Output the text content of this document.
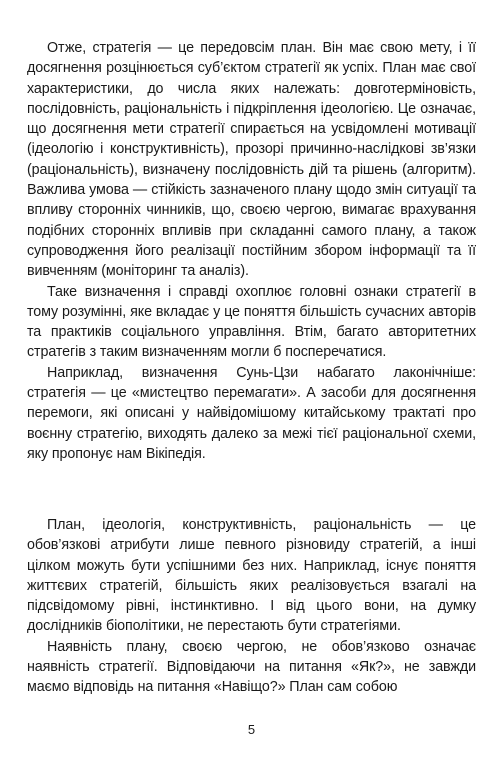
Отже, стратегія — це передовсім план. Він має свою мету, і її досягнення розцінюється суб’єктом стратегії як успіх. План має свої характеристики, до числа яких належать: довготерміновість, послідовність, раціональність і підкріплення ідеологією. Це означає, що досягнення мети стратегії спирається на усвідомлені мотивації (ідеологію і конструктивність), прозорі причинно-наслідкові зв’язки (раціональність), визначену послідовність дій та рішень (алгоритм). Важлива умова — стійкість зазначеного плану щодо змін ситуації та впливу сторонніх чинників, що, своєю чергою, вимагає врахування подібних сторонніх впливів при складанні самого плану, а також супроводження його реалізації постійним збором інформації та її вивченням (моніторинг та аналіз).

Таке визначення і справді охоплює головні ознаки стратегії в тому розумінні, яке вкладає у це поняття більшість сучасних авторів та практиків соціального управління. Втім, багато авторитетних стратегів з таким визначенням могли б посперечатися.

Наприклад, визначення Сунь-Цзи набагато лаконічніше: стратегія — це «мистецтво перемагати». А засоби для досягнення перемоги, які описані у найвідомішому китайському трактаті про воєнну стратегію, виходять далеко за межі тієї раціональної схеми, яку пропонує нам Вікіпедія.

План, ідеологія, конструктивність, раціональність — це обов’язкові атрибути лише певного різновиду стратегій, а інші цілком можуть бути успішними без них. Наприклад, існує поняття життєвих стратегій, більшість яких реалізовується взагалі на підсвідомому рівні, інстинктивно. І від цього вони, на думку дослідників біополітики, не перестають бути стратегіями.

Наявність плану, своєю чергою, не обов’язково означає наявність стратегії. Відповідаючи на питання «Як?», не завжди маємо відповідь на питання «Навіщо?» План сам собою

5
